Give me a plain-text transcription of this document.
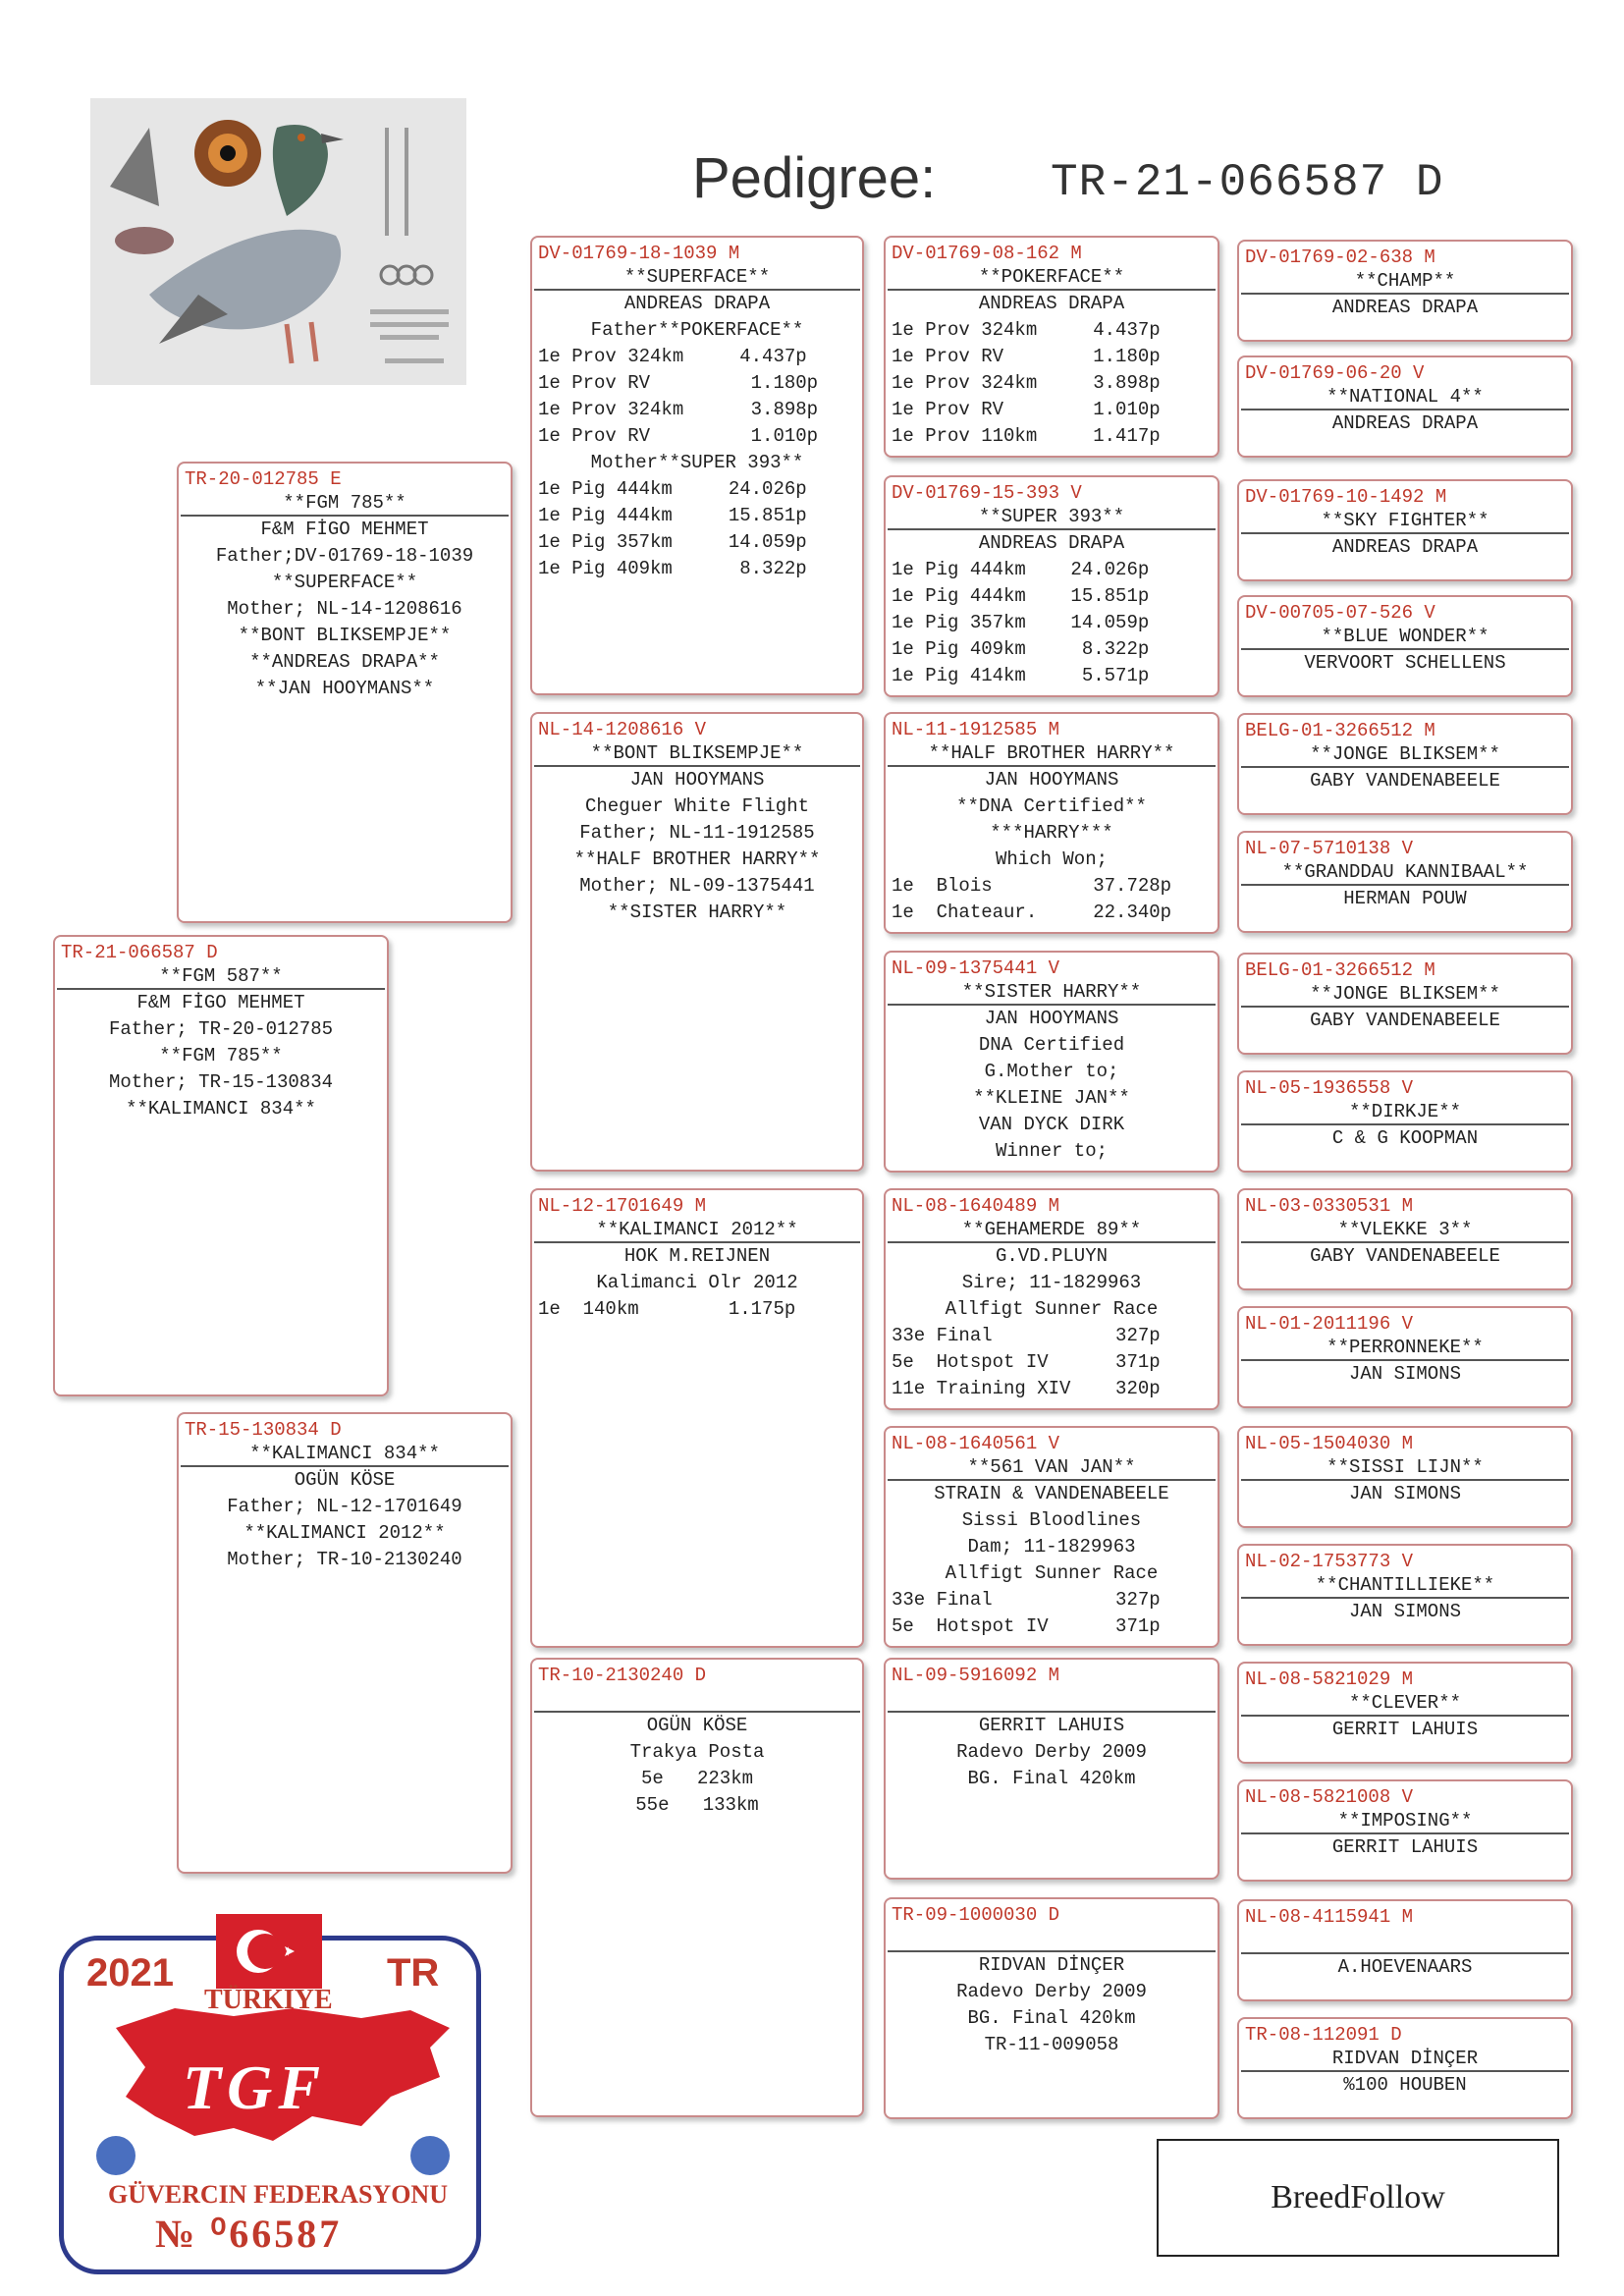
Pedigree:	TR-21-066587 D
TR-21-066587 D
**FGM 587**
F&M FİGO MEHMET
Father; TR-20-012785
**FGM 785**
Mother; TR-15-130834
**KALIMANCI 834**
TR-20-012785 E
**FGM 785**
F&M FİGO MEHMET
Father;DV-01769-18-1039
**SUPERFACE**
Mother; NL-14-1208616
**BONT BLIKSEMPJE**
**ANDREAS DRAPA**
**JAN HOOYMANS**
TR-15-130834 D
**KALIMANCI 834**
OGÜN KÖSE
Father; NL-12-1701649
**KALIMANCI 2012**
Mother; TR-10-2130240
DV-01769-18-1039 M
**SUPERFACE**
ANDREAS DRAPA
Father**POKERFACE**
1e Prov 324km     4.437p
1e Prov RV         1.180p
1e Prov 324km      3.898p
1e Prov RV         1.010p
Mother**SUPER 393**
1e Pig 444km     24.026p
1e Pig 444km     15.851p
1e Pig 357km     14.059p
1e Pig 409km      8.322p
NL-14-1208616 V
**BONT BLIKSEMPJE**
JAN HOOYMANS
Cheguer White Flight
Father; NL-11-1912585
**HALF BROTHER HARRY**
Mother; NL-09-1375441
**SISTER HARRY**
NL-12-1701649 M
**KALIMANCI 2012**
HOK M.REIJNEN
Kalimanci Olr 2012
1e  140km        1.175p
TR-10-2130240 D
OGÜN KÖSE
Trakya Posta
5e   223km
55e   133km
DV-01769-08-162 M
**POKERFACE**
ANDREAS DRAPA
1e Prov 324km     4.437p
1e Prov RV        1.180p
1e Prov 324km     3.898p
1e Prov RV        1.010p
1e Prov 110km     1.417p
DV-01769-15-393 V
**SUPER 393**
ANDREAS DRAPA
1e Pig 444km    24.026p
1e Pig 444km    15.851p
1e Pig 357km    14.059p
1e Pig 409km     8.322p
1e Pig 414km     5.571p
NL-11-1912585 M
**HALF BROTHER HARRY**
JAN HOOYMANS
**DNA Certified**
***HARRY***
Which Won;
1e  Blois         37.728p
1e  Chateaur.     22.340p
NL-09-1375441 V
**SISTER HARRY**
JAN HOOYMANS
DNA Certified
G.Mother to;
**KLEINE JAN**
VAN DYCK DIRK
Winner to;
NL-08-1640489 M
**GEHAMERDE 89**
G.VD.PLUYN
Sire; 11-1829963
Allfigt Sunner Race
33e Final           327p
5e  Hotspot IV      371p
11e Training XIV    320p
NL-08-1640561 V
**561 VAN JAN**
STRAIN & VANDENABEELE
Sissi Bloodlines
Dam; 11-1829963
Allfigt Sunner Race
33e Final           327p
5e  Hotspot IV      371p
NL-09-5916092 M
GERRIT LAHUIS
Radevo Derby 2009
BG. Final 420km
TR-09-1000030 D
RIDVAN DİNÇER
Radevo Derby 2009
BG. Final 420km
TR-11-009058
DV-01769-02-638 M
**CHAMP**
ANDREAS DRAPA
DV-01769-06-20 V
**NATIONAL 4**
ANDREAS DRAPA
DV-01769-10-1492 M
**SKY FIGHTER**
ANDREAS DRAPA
DV-00705-07-526 V
**BLUE WONDER**
VERVOORT SCHELLENS
BELG-01-3266512 M
**JONGE BLIKSEM**
GABY VANDENABEELE
NL-07-5710138 V
**GRANDDAU KANNIBAAL**
HERMAN POUW
BELG-01-3266512 M
**JONGE BLIKSEM**
GABY VANDENABEELE
NL-05-1936558 V
**DIRKJE**
C & G KOOPMAN
NL-03-0330531 M
**VLEKKE 3**
GABY VANDENABEELE
NL-01-2011196 V
**PERRONNEKE**
JAN SIMONS
NL-05-1504030 M
**SISSI LIJN**
JAN SIMONS
NL-02-1753773 V
**CHANTILLIEKE**
JAN SIMONS
NL-08-5821029 M
**CLEVER**
GERRIT LAHUIS
NL-08-5821008 V
**IMPOSING**
GERRIT LAHUIS
NL-08-4115941 M
A.HOEVENAARS
TR-08-112091 D
RIDVAN DİNÇER
%100 HOUBEN
2021	TR
TÜRKIYE
TGF
GÜVERCIN FEDERASYONU
№ ⁰66587
BreedFollow
